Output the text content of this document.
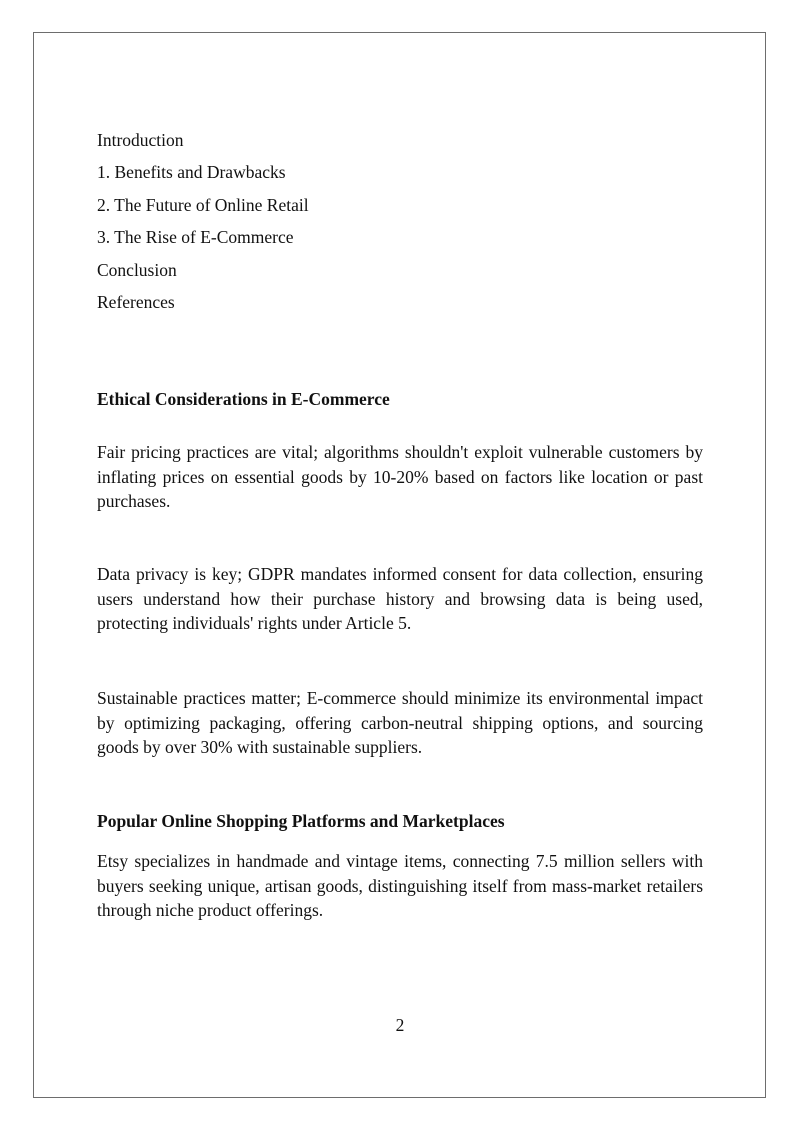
Introduction
1. Benefits and Drawbacks
2. The Future of Online Retail
3. The Rise of E-Commerce
Conclusion
References
Ethical Considerations in E-Commerce

Fair pricing practices are vital; algorithms shouldn't exploit vulnerable customers by inflating prices on essential goods by 10-20% based on factors like location or past purchases.

Data privacy is key; GDPR mandates informed consent for data collection, ensuring users understand how their purchase history and browsing data is being used, protecting individuals' rights under Article 5.

Sustainable practices matter; E-commerce should minimize its environmental impact by optimizing packaging, offering carbon-neutral shipping options, and sourcing goods by over 30% with sustainable suppliers.

Popular Online Shopping Platforms and Marketplaces

Etsy specializes in handmade and vintage items, connecting 7.5 million sellers with buyers seeking unique, artisan goods, distinguishing itself from mass-market retailers through niche product offerings.

2
